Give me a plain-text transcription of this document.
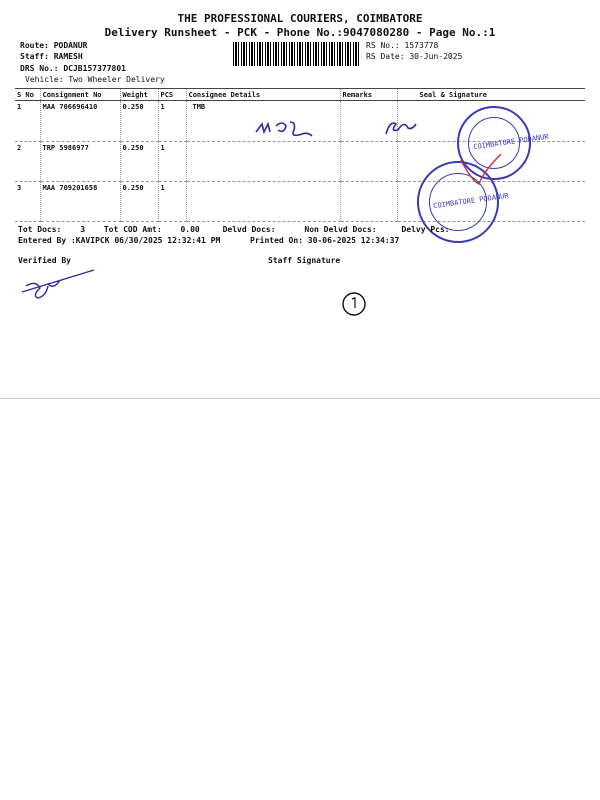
THE PROFESSIONAL COURIERS, COIMBATORE
Delivery Runsheet - PCK - Phone No.:9047080280 - Page No.:1
Route: PODANUR
Staff: RAMESH
DRS No.: DCJB157377801
Vehicle: Two Wheeler Delivery
RS No.: 1573778
RS Date: 30-Jun-2025
S No	Consignment No	Weight	PCS	Consignee Details	Remarks	Seal & Signature
1	MAA 706696410	0.250	1	TMB		
2	TRP 5986977	0.250	1			
3	MAA 709201658	0.250	1			
COIMBATORE PODANUR
COIMBATORE PODANUR
Tot Docs: 3 Tot COD Amt: 0.00	Delvd Docs:	Non Delvd Docs:	Delvy Pcs:
Entered By :KAVIPCK 06/30/2025 12:32:41 PM	Printed On: 30-06-2025 12:34:37
Verified By	Staff Signature
